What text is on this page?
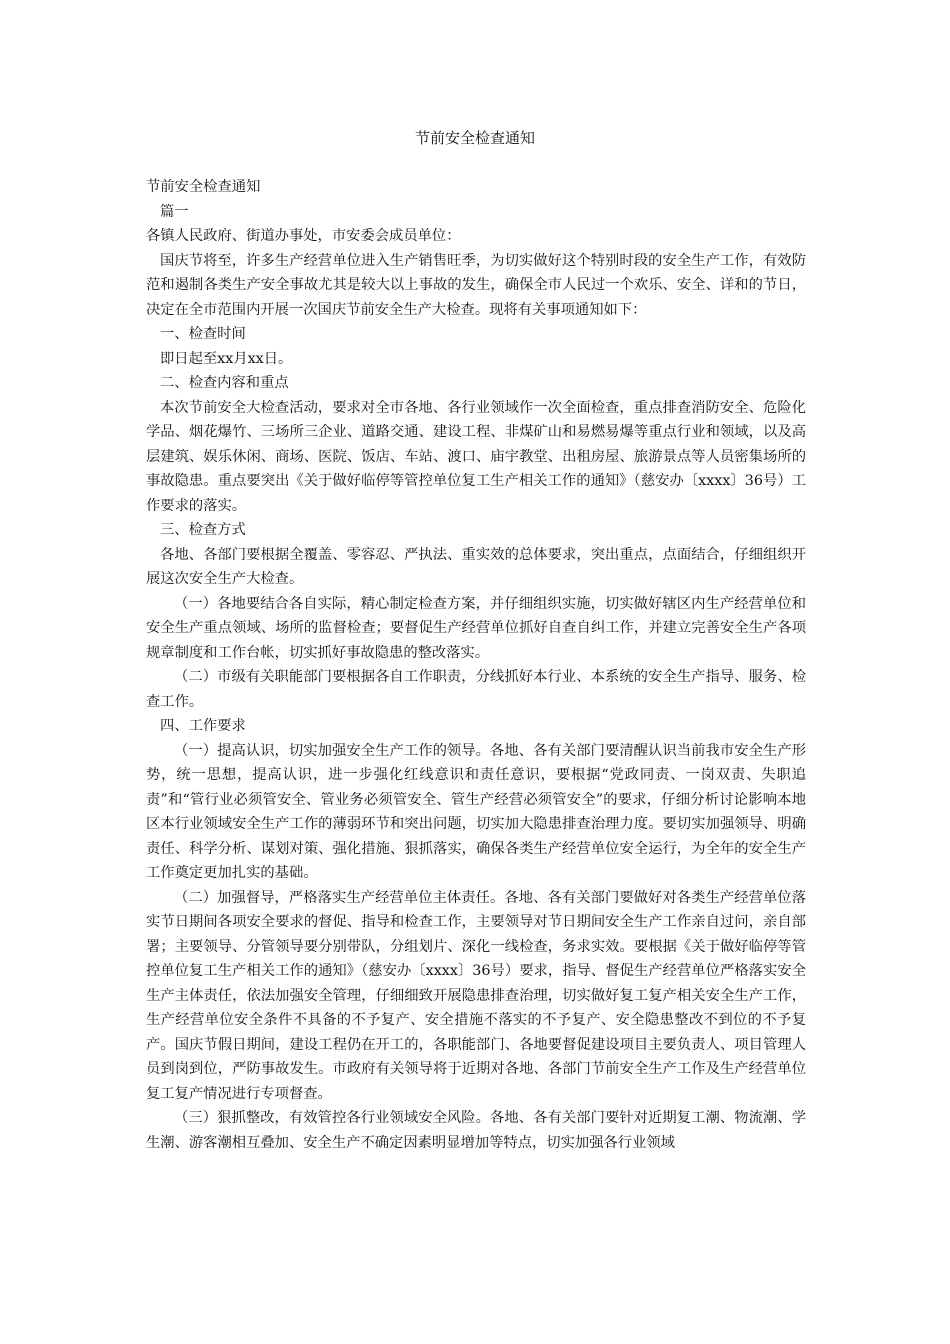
节前安全检查通知

节前安全检查通知

篇一

各镇人民政府、街道办事处，市安委会成员单位：

国庆节将至，许多生产经营单位进入生产销售旺季，为切实做好这个特别时段的安全生产工作，有效防范和遏制各类生产安全事故尤其是较大以上事故的发生，确保全市人民过一个欢乐、安全、详和的节日，决定在全市范围内开展一次国庆节前安全生产大检查。现将有关事项通知如下：

一、检查时间

即日起至xx月xx日。

二、检查内容和重点

本次节前安全大检查活动，要求对全市各地、各行业领域作一次全面检查，重点排查消防安全、危险化学品、烟花爆竹、三场所三企业、道路交通、建设工程、非煤矿山和易燃易爆等重点行业和领域，以及高层建筑、娱乐休闲、商场、医院、饭店、车站、渡口、庙宇教堂、出租房屋、旅游景点等人员密集场所的事故隐患。重点要突出《关于做好临停等管控单位复工生产相关工作的通知》（慈安办〔xxxx〕36号）工作要求的落实。

三、检查方式

各地、各部门要根据全覆盖、零容忍、严执法、重实效的总体要求，突出重点，点面结合，仔细组织开展这次安全生产大检查。

（一）各地要结合各自实际，精心制定检查方案，并仔细组织实施，切实做好辖区内生产经营单位和安全生产重点领域、场所的监督检查；要督促生产经营单位抓好自查自纠工作，并建立完善安全生产各项规章制度和工作台帐，切实抓好事故隐患的整改落实。

（二）市级有关职能部门要根据各自工作职责，分线抓好本行业、本系统的安全生产指导、服务、检查工作。

四、工作要求

（一）提高认识，切实加强安全生产工作的领导。各地、各有关部门要清醒认识当前我市安全生产形势，统一思想，提高认识，进一步强化红线意识和责任意识，要根据“党政同责、一岗双责、失职追责”和“管行业必须管安全、管业务必须管安全、管生产经营必须管安全”的要求，仔细分析讨论影响本地区本行业领域安全生产工作的薄弱环节和突出问题，切实加大隐患排查治理力度。要切实加强领导、明确责任、科学分析、谋划对策、强化措施、狠抓落实，确保各类生产经营单位安全运行，为全年的安全生产工作奠定更加扎实的基础。

（二）加强督导，严格落实生产经营单位主体责任。各地、各有关部门要做好对各类生产经营单位落实节日期间各项安全要求的督促、指导和检查工作，主要领导对节日期间安全生产工作亲自过问，亲自部署；主要领导、分管领导要分别带队，分组划片、深化一线检查，务求实效。要根据《关于做好临停等管控单位复工生产相关工作的通知》（慈安办〔xxxx〕36号）要求，指导、督促生产经营单位严格落实安全生产主体责任，依法加强安全管理，仔细细致开展隐患排查治理，切实做好复工复产相关安全生产工作，生产经营单位安全条件不具备的不予复产、安全措施不落实的不予复产、安全隐患整改不到位的不予复产。国庆节假日期间，建设工程仍在开工的，各职能部门、各地要督促建设项目主要负责人、项目管理人员到岗到位，严防事故发生。市政府有关领导将于近期对各地、各部门节前安全生产工作及生产经营单位复工复产情况进行专项督查。

（三）狠抓整改，有效管控各行业领域安全风险。各地、各有关部门要针对近期复工潮、物流潮、学生潮、游客潮相互叠加、安全生产不确定因素明显增加等特点，切实加强各行业领域
